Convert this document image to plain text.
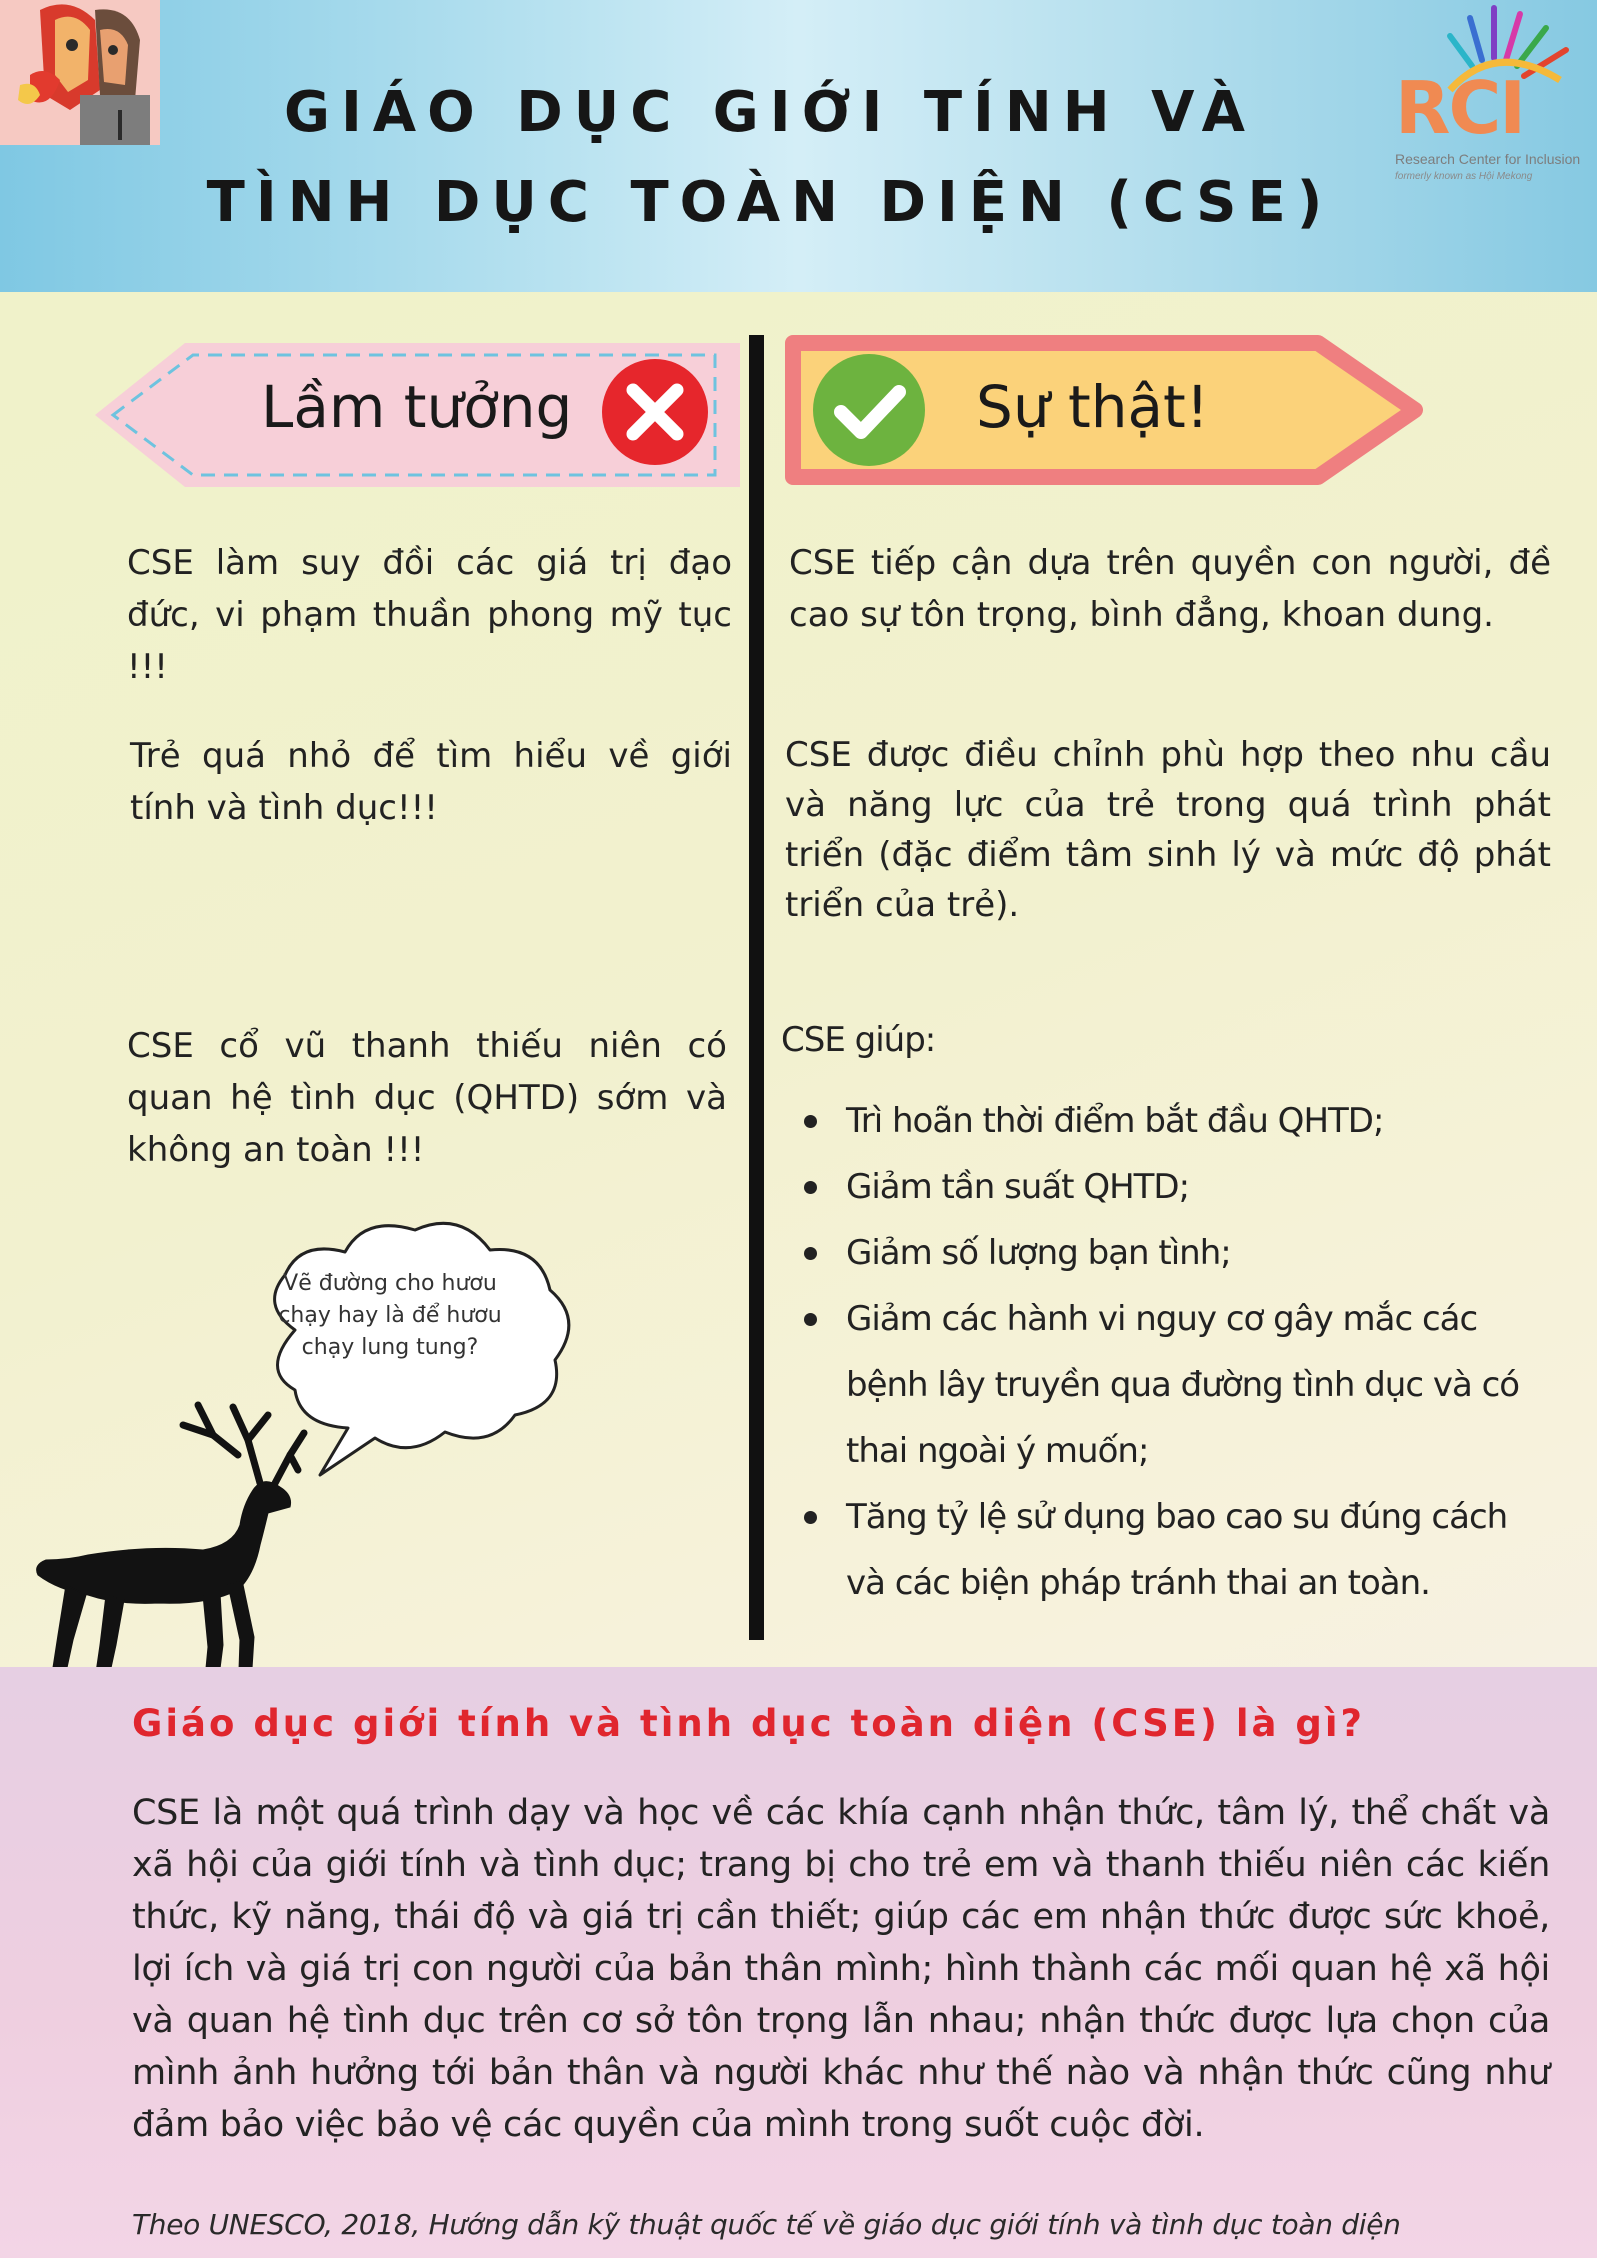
GIÁO DỤC GIỚI TÍNH VÀ
TÌNH DỤC TOÀN DIỆN (CSE)
RCI
Research Center for Inclusion
formerly known as Hội Mekong
Lầm tưởng	Sự thật!

CSE làm suy đồi các giá trị đạo đức, vi phạm thuần phong mỹ tục !!!

Trẻ quá nhỏ để tìm hiểu về giới tính và tình dục!!!

CSE cổ vũ thanh thiếu niên có quan hệ tình dục (QHTD) sớm và không an toàn !!!

CSE tiếp cận dựa trên quyền con người, đề cao sự tôn trọng, bình đẳng, khoan dung.

CSE được điều chỉnh phù hợp theo nhu cầu và năng lực của trẻ trong quá trình phát triển (đặc điểm tâm sinh lý và mức độ phát triển của trẻ).

CSE giúp:
Trì hoãn thời điểm bắt đầu QHTD;
Giảm tần suất QHTD;
Giảm số lượng bạn tình;
Giảm các hành vi nguy cơ gây mắc các bệnh lây truyền qua đường tình dục và có thai ngoài ý muốn;
Tăng tỷ lệ sử dụng bao cao su đúng cách và các biện pháp tránh thai an toàn.
Vẽ đường cho hươu chạy hay là để hươu chạy lung tung?
Giáo dục giới tính và tình dục toàn diện (CSE) là gì?

CSE là một quá trình dạy và học về các khía cạnh nhận thức, tâm lý, thể chất và xã hội của giới tính và tình dục; trang bị cho trẻ em và thanh thiếu niên các kiến thức, kỹ năng, thái độ và giá trị cần thiết; giúp các em nhận thức được sức khoẻ, lợi ích và giá trị con người của bản thân mình; hình thành các mối quan hệ xã hội và quan hệ tình dục trên cơ sở tôn trọng lẫn nhau; nhận thức được lựa chọn của mình ảnh hưởng tới bản thân và người khác như thế nào và nhận thức cũng như đảm bảo việc bảo vệ các quyền của mình trong suốt cuộc đời.

Theo UNESCO, 2018, Hướng dẫn kỹ thuật quốc tế về giáo dục giới tính và tình dục toàn diện
